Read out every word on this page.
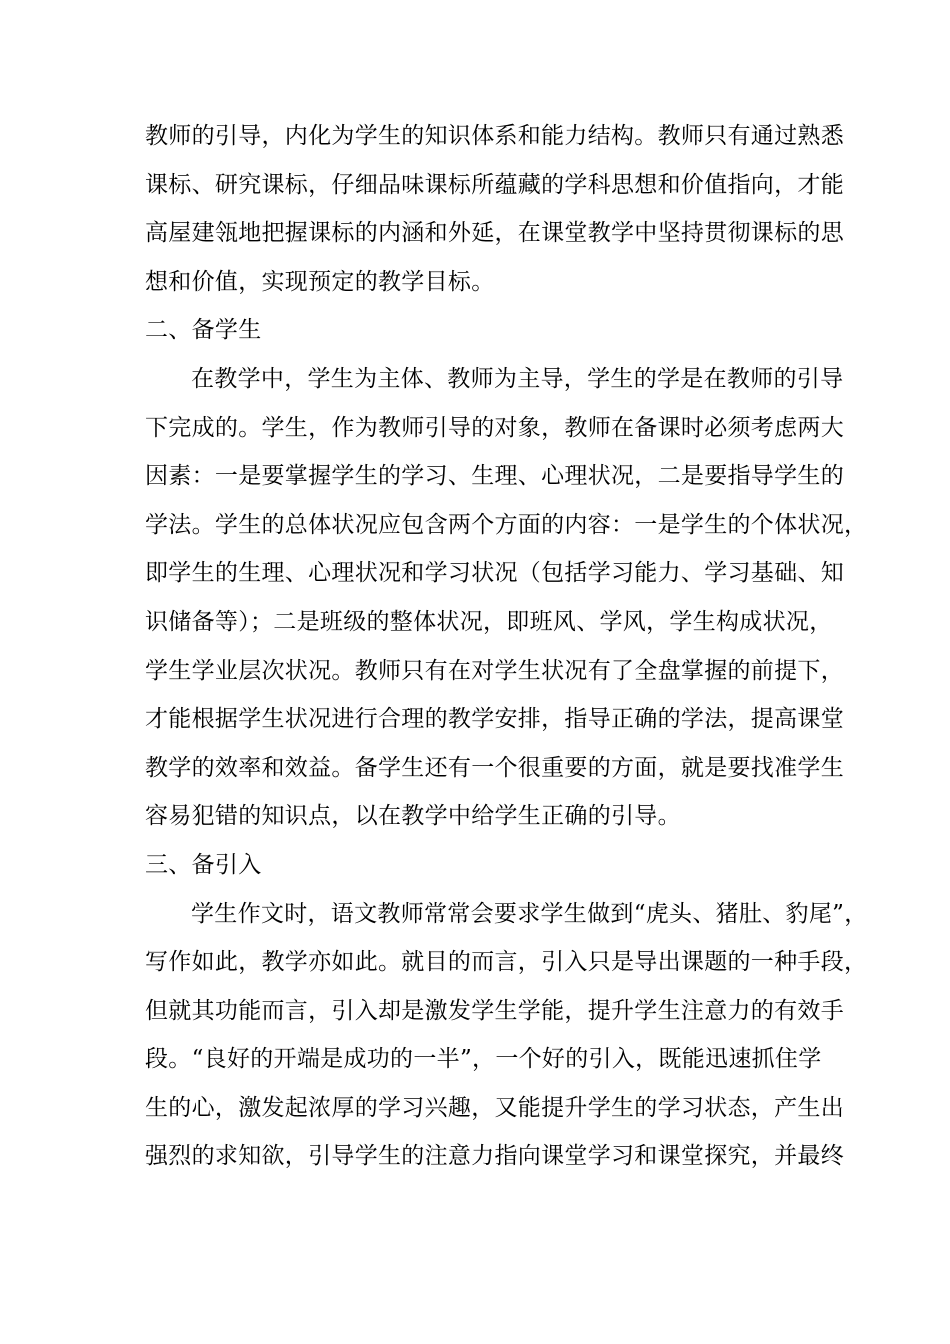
教师的引导，内化为学生的知识体系和能力结构。教师只有通过熟悉
课标、研究课标，仔细品味课标所蕴藏的学科思想和价值指向，才能
高屋建瓴地把握课标的内涵和外延，在课堂教学中坚持贯彻课标的思
想和价值，实现预定的教学目标。
二、备学生
在教学中，学生为主体、教师为主导，学生的学是在教师的引导
下完成的。学生，作为教师引导的对象，教师在备课时必须考虑两大
因素：一是要掌握学生的学习、生理、心理状况，二是要指导学生的
学法。学生的总体状况应包含两个方面的内容：一是学生的个体状况，
即学生的生理、心理状况和学习状况（包括学习能力、学习基础、知
识储备等）；二是班级的整体状况，即班风、学风，学生构成状况，
学生学业层次状况。教师只有在对学生状况有了全盘掌握的前提下，
才能根据学生状况进行合理的教学安排，指导正确的学法，提高课堂
教学的效率和效益。备学生还有一个很重要的方面，就是要找准学生
容易犯错的知识点，以在教学中给学生正确的引导。
三、备引入
学生作文时，语文教师常常会要求学生做到“虎头、猪肚、豹尾”，
写作如此，教学亦如此。就目的而言，引入只是导出课题的一种手段，
但就其功能而言，引入却是激发学生学能，提升学生注意力的有效手
段。“良好的开端是成功的一半”，一个好的引入，既能迅速抓住学
生的心，激发起浓厚的学习兴趣，又能提升学生的学习状态，产生出
强烈的求知欲，引导学生的注意力指向课堂学习和课堂探究，并最终
